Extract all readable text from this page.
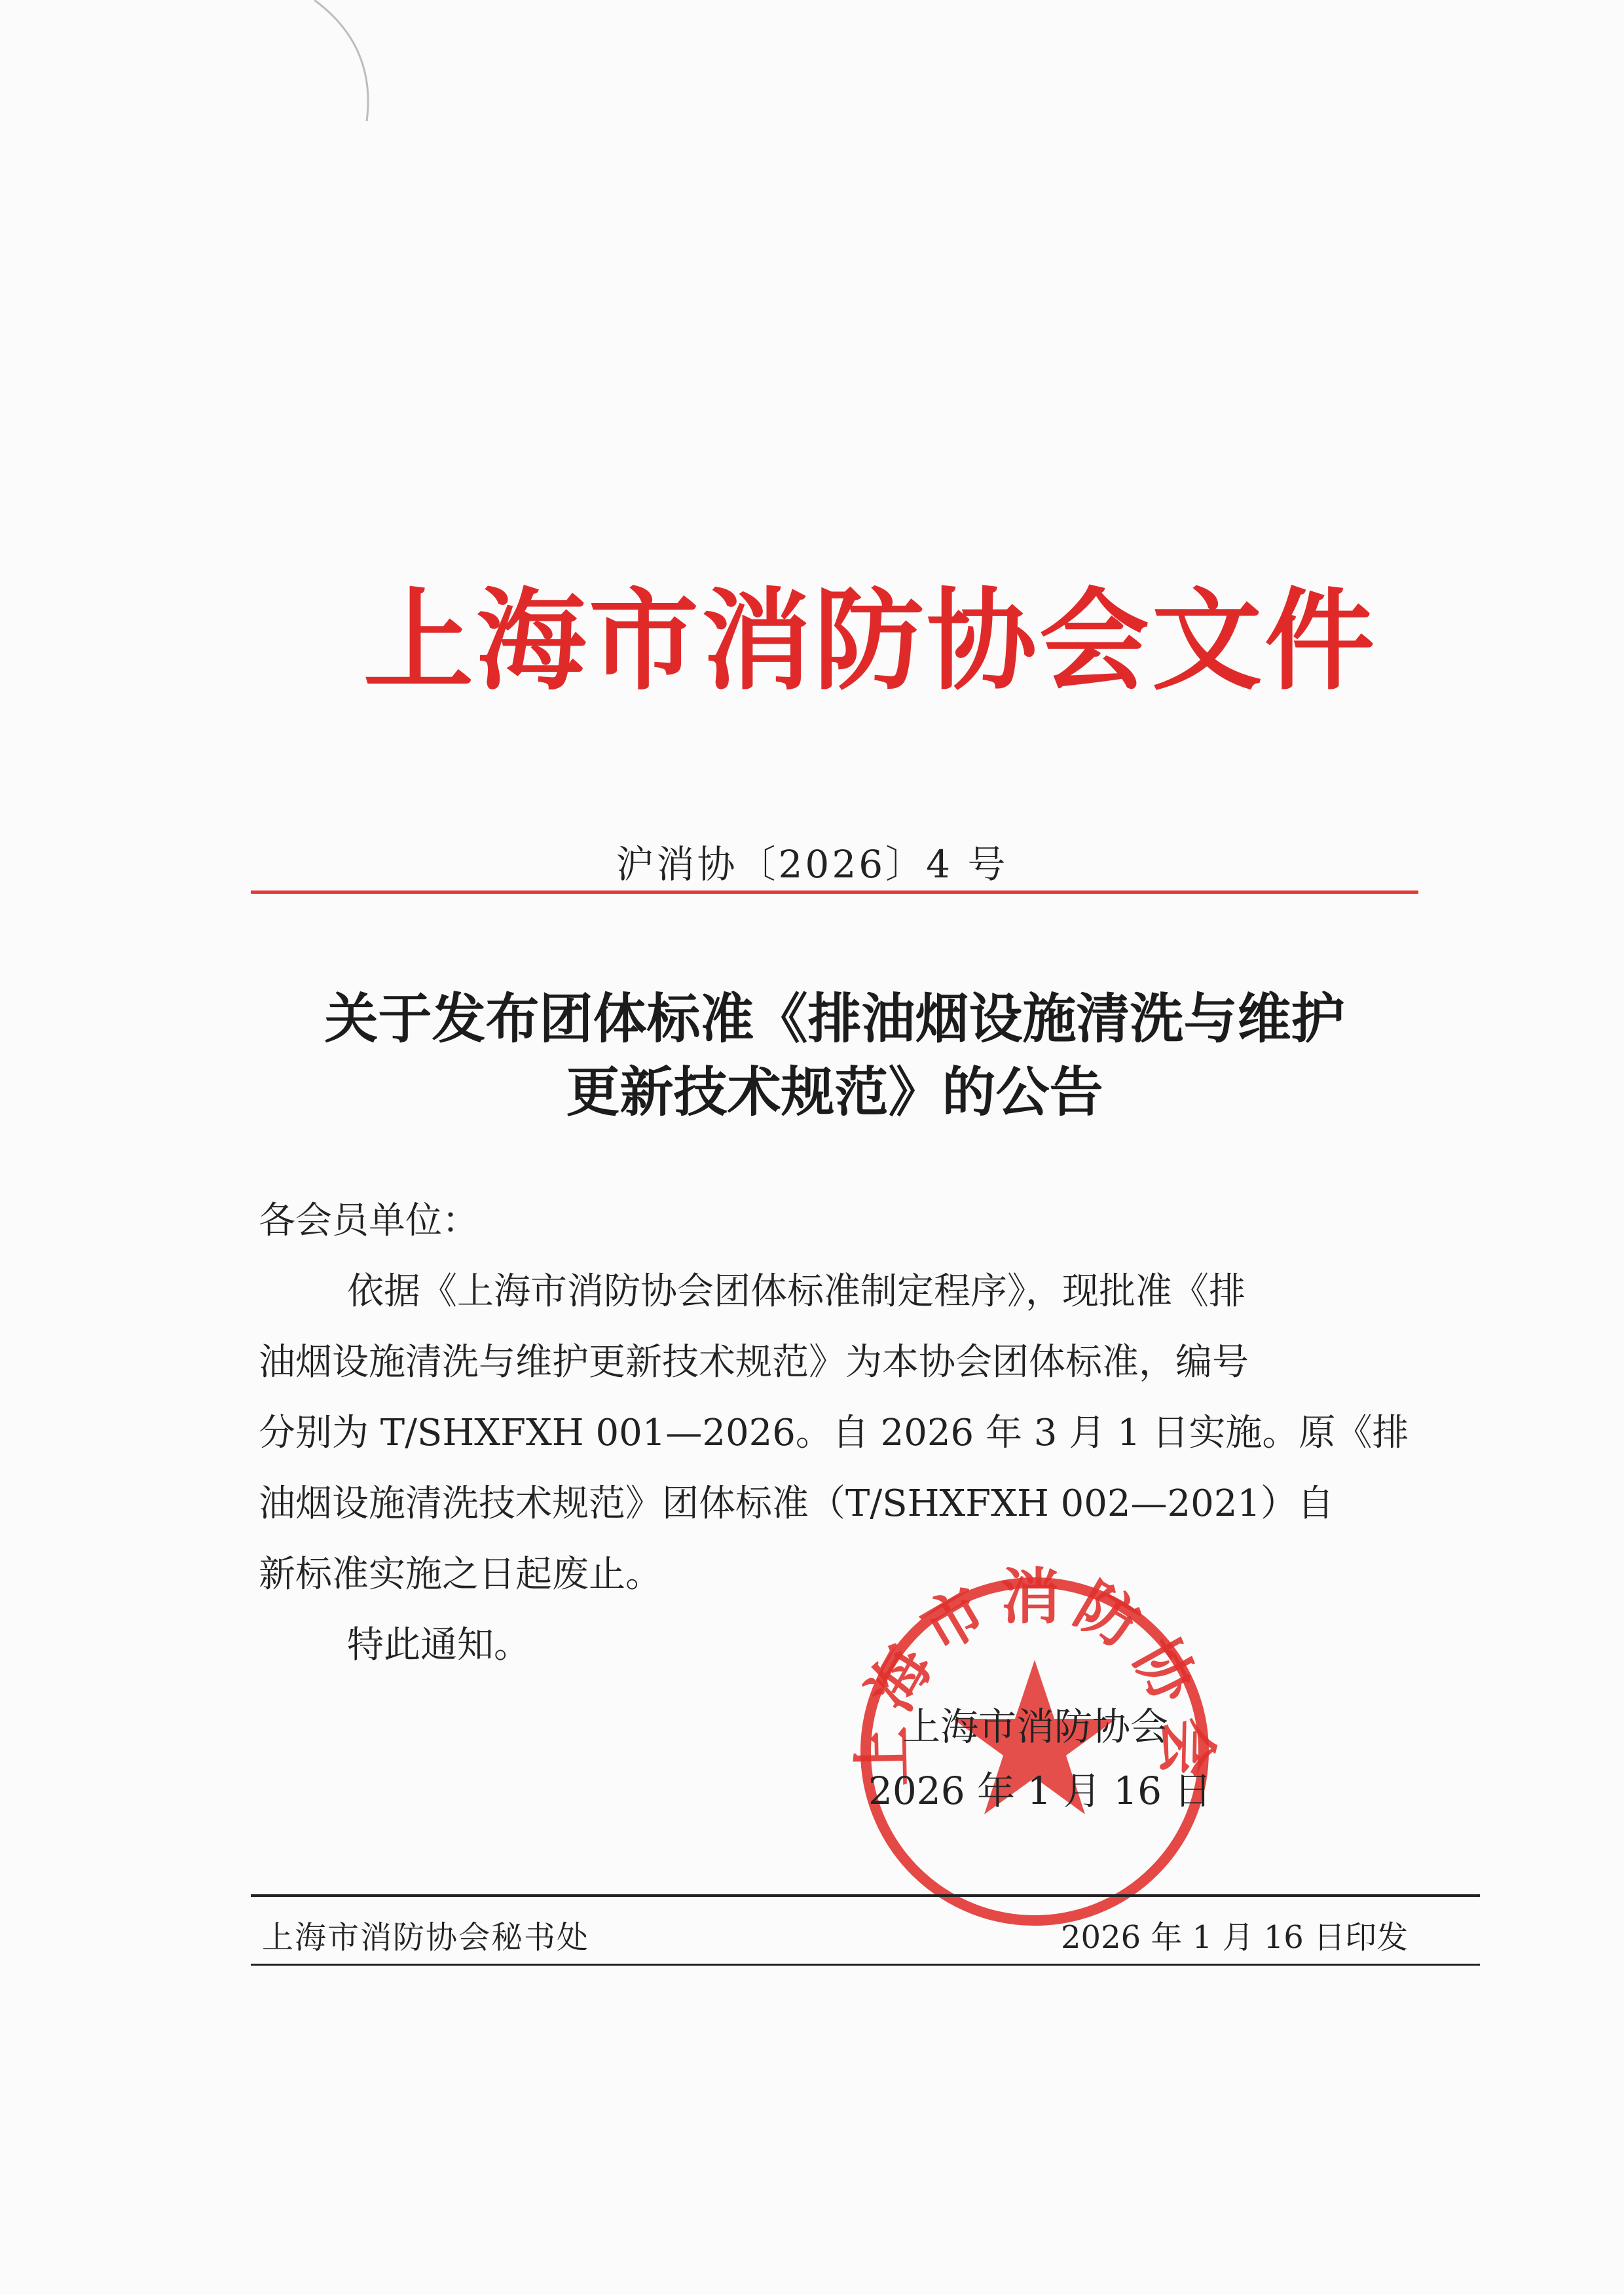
上海市消防协会文件
沪消协〔2026〕4 号
关于发布团体标准《排油烟设施清洗与维护
更新技术规范》的公告
各会员单位：
依据《上海市消防协会团体标准制定程序》，现批准《排
油烟设施清洗与维护更新技术规范》为本协会团体标准，编号
分别为 T/SHXFXH 001—2026。自 2026 年 3 月 1 日实施。原《排
油烟设施清洗技术规范》团体标准（T/SHXFXH 002—2021）自
新标准实施之日起废止。
特此通知。
上海市消防协会
上海市消防协会
2026 年 1 月 16 日
上海市消防协会秘书处	2026 年 1 月 16 日印发
